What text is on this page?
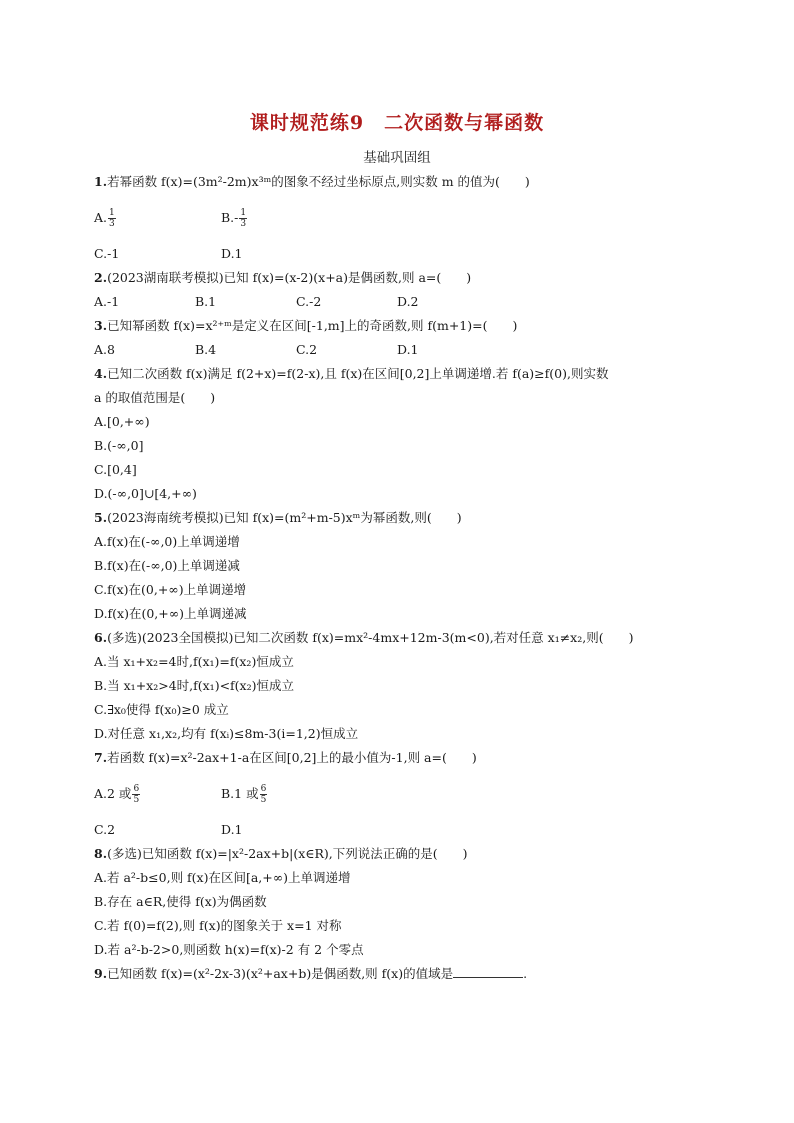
课时规范练9　二次函数与幂函数
基础巩固组
1.若幂函数 f(x)=(3m²-2m)x³ᵐ的图象不经过坐标原点,则实数 m 的值为(　　)
A. $\frac{1}{3}$	$B.- \frac{1}{3}$
C.-1	D.1
2.(2023湖南联考模拟)已知 f(x)=(x-2)(x+a)是偶函数,则 a=(　　)
A.-1	B.1	C.-2	D.2
3.已知幂函数 f(x)=x²⁺ᵐ是定义在区间[-1,m]上的奇函数,则 f(m+1)=(　　)
A.8	B.4	C.2	D.1
4.已知二次函数 f(x)满足 f(2+x)=f(2-x),且 f(x)在区间[0,2]上单调递增.若 f(a)≥f(0),则实数
a 的取值范围是(　　)
A.[0,+∞)
B.(-∞,0]
C.[0,4]
D.(-∞,0]∪[4,+∞)
5.(2023海南统考模拟)已知 f(x)=(m²+m-5)xᵐ为幂函数,则(　　)
A.f(x)在(-∞,0)上单调递增
B.f(x)在(-∞,0)上单调递减
C.f(x)在(0,+∞)上单调递增
D.f(x)在(0,+∞)上单调递减
6.(多选)(2023全国模拟)已知二次函数 f(x)=mx²-4mx+12m-3(m<0),若对任意 x₁≠x₂,则(　　)
A.当 x₁+x₂=4时,f(x₁)=f(x₂)恒成立
B.当 x₁+x₂>4时,f(x₁)<f(x₂)恒成立
C.∃x₀使得 f(x₀)≥0 成立
D.对任意 x₁,x₂,均有 f(xᵢ)≤8m-3(i=1,2)恒成立
7.若函数 f(x)=x²-2ax+1-a在区间[0,2]上的最小值为-1,则 a=(　　)
A.2 或 $\frac{6}{5}$	B.1 或 $\frac{6}{5}$
C.2	D.1
8.(多选)已知函数 f(x)=|x²-2ax+b|(x∈R),下列说法正确的是(　　)
A.若 a²-b≤0,则 f(x)在区间[a,+∞)上单调递增
B.存在 a∈R,使得 f(x)为偶函数
C.若 f(0)=f(2),则 f(x)的图象关于 x=1 对称
D.若 a²-b-2>0,则函数 h(x)=f(x)-2 有 2 个零点
9.已知函数 f(x)=(x²-2x-3)(x²+ax+b)是偶函数,则 f(x)的值域是	.
